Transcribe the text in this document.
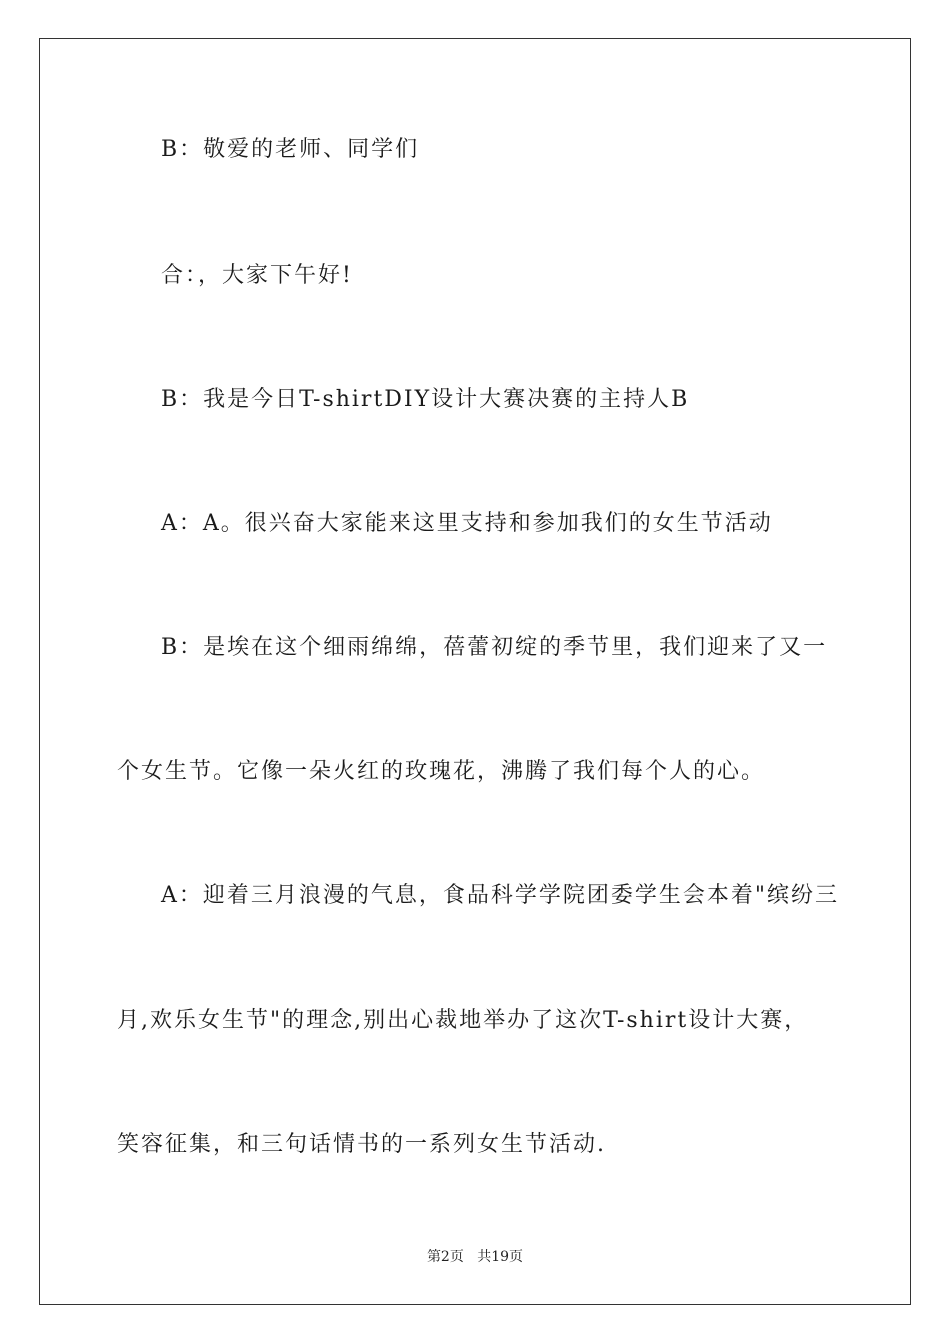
B：敬爱的老师、同学们
合：，大家下午好!
B：我是今日T-shirtDIY设计大赛决赛的主持人B
A：A。很兴奋大家能来这里支持和参加我们的女生节活动
B：是埃在这个细雨绵绵，蓓蕾初绽的季节里，我们迎来了又一
个女生节。它像一朵火红的玫瑰花，沸腾了我们每个人的心。
A：迎着三月浪漫的气息，食品科学学院团委学生会本着"缤纷三
月,欢乐女生节"的理念,别出心裁地举办了这次T-shirt设计大赛，
笑容征集，和三句话情书的一系列女生节活动.
第2页 共19页
